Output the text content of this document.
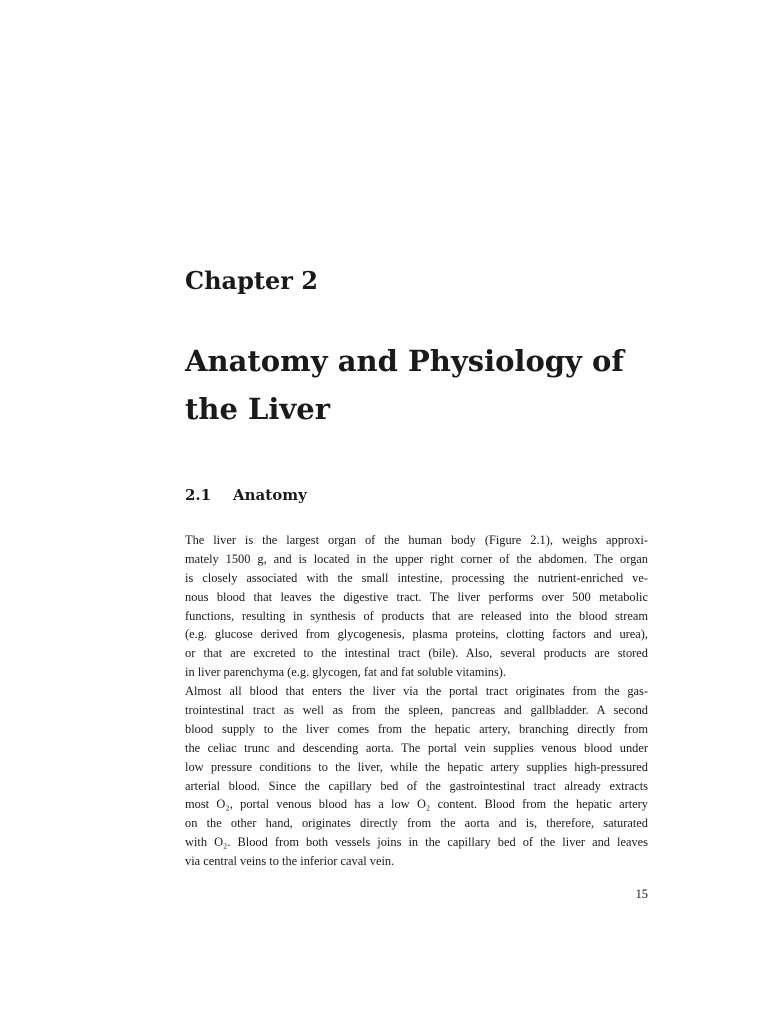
Chapter 2
Anatomy and Physiology of the Liver
2.1 Anatomy
The liver is the largest organ of the human body (Figure 2.1), weighs approxi-
mately 1500 g, and is located in the upper right corner of the abdomen. The organ
is closely associated with the small intestine, processing the nutrient-enriched ve-
nous blood that leaves the digestive tract. The liver performs over 500 metabolic
functions, resulting in synthesis of products that are released into the blood stream
(e.g. glucose derived from glycogenesis, plasma proteins, clotting factors and urea),
or that are excreted to the intestinal tract (bile). Also, several products are stored
in liver parenchyma (e.g. glycogen, fat and fat soluble vitamins).
Almost all blood that enters the liver via the portal tract originates from the gas-
trointestinal tract as well as from the spleen, pancreas and gallbladder. A second
blood supply to the liver comes from the hepatic artery, branching directly from
the celiac trunc and descending aorta. The portal vein supplies venous blood under
low pressure conditions to the liver, while the hepatic artery supplies high-pressured
arterial blood. Since the capillary bed of the gastrointestinal tract already extracts
most O₂, portal venous blood has a low O₂ content. Blood from the hepatic artery
on the other hand, originates directly from the aorta and is, therefore, saturated
with O₂. Blood from both vessels joins in the capillary bed of the liver and leaves
via central veins to the inferior caval vein.
15
